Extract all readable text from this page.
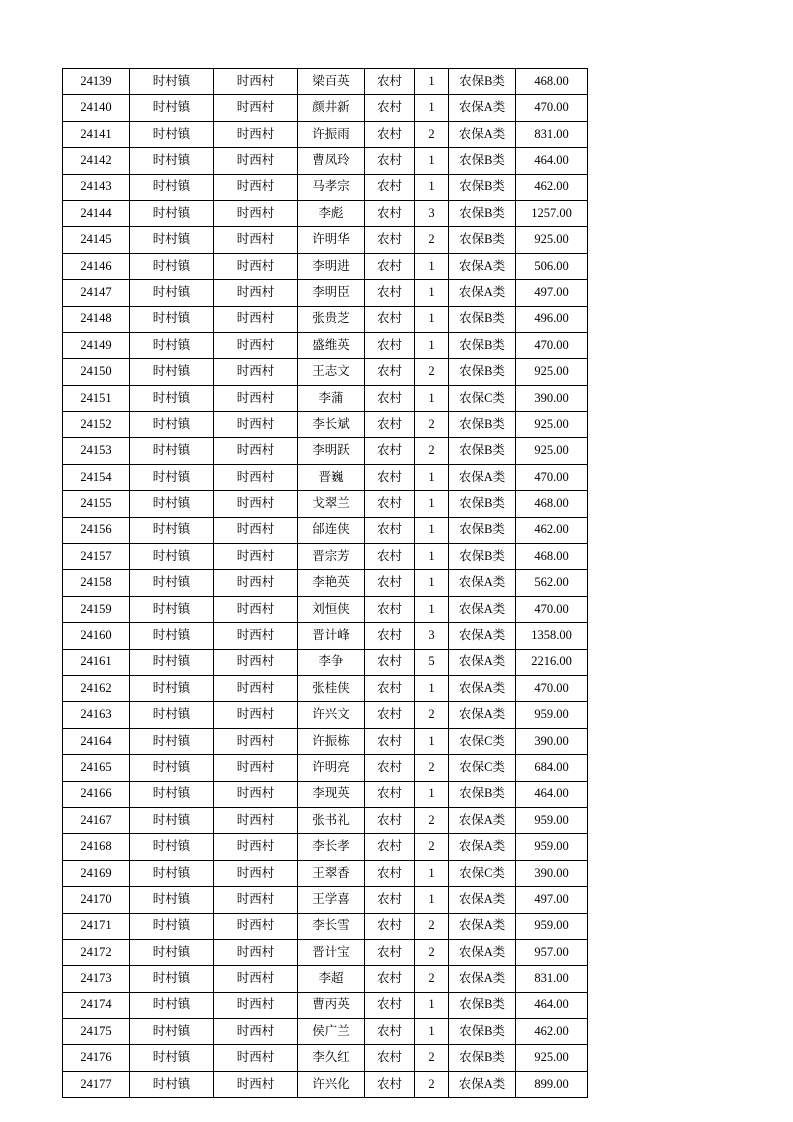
24139	时村镇	时西村	梁百英	农村	1	农保B类	468.00
24140	时村镇	时西村	颜井新	农村	1	农保A类	470.00
24141	时村镇	时西村	许振雨	农村	2	农保A类	831.00
24142	时村镇	时西村	曹凤玲	农村	1	农保B类	464.00
24143	时村镇	时西村	马孝宗	农村	1	农保B类	462.00
24144	时村镇	时西村	李彪	农村	3	农保B类	1257.00
24145	时村镇	时西村	许明华	农村	2	农保B类	925.00
24146	时村镇	时西村	李明进	农村	1	农保A类	506.00
24147	时村镇	时西村	李明臣	农村	1	农保A类	497.00
24148	时村镇	时西村	张贵芝	农村	1	农保B类	496.00
24149	时村镇	时西村	盛维英	农村	1	农保B类	470.00
24150	时村镇	时西村	王志文	农村	2	农保B类	925.00
24151	时村镇	时西村	李蒲	农村	1	农保C类	390.00
24152	时村镇	时西村	李长斌	农村	2	农保B类	925.00
24153	时村镇	时西村	李明跃	农村	2	农保B类	925.00
24154	时村镇	时西村	晋巍	农村	1	农保A类	470.00
24155	时村镇	时西村	戈翠兰	农村	1	农保B类	468.00
24156	时村镇	时西村	邰连侠	农村	1	农保B类	462.00
24157	时村镇	时西村	晋宗芳	农村	1	农保B类	468.00
24158	时村镇	时西村	李艳英	农村	1	农保A类	562.00
24159	时村镇	时西村	刘恒侠	农村	1	农保A类	470.00
24160	时村镇	时西村	晋计峰	农村	3	农保A类	1358.00
24161	时村镇	时西村	李争	农村	5	农保A类	2216.00
24162	时村镇	时西村	张桂侠	农村	1	农保A类	470.00
24163	时村镇	时西村	许兴文	农村	2	农保A类	959.00
24164	时村镇	时西村	许振栋	农村	1	农保C类	390.00
24165	时村镇	时西村	许明亮	农村	2	农保C类	684.00
24166	时村镇	时西村	李现英	农村	1	农保B类	464.00
24167	时村镇	时西村	张书礼	农村	2	农保A类	959.00
24168	时村镇	时西村	李长孝	农村	2	农保A类	959.00
24169	时村镇	时西村	王翠香	农村	1	农保C类	390.00
24170	时村镇	时西村	王学喜	农村	1	农保A类	497.00
24171	时村镇	时西村	李长雪	农村	2	农保A类	959.00
24172	时村镇	时西村	晋计宝	农村	2	农保A类	957.00
24173	时村镇	时西村	李超	农村	2	农保A类	831.00
24174	时村镇	时西村	曹丙英	农村	1	农保B类	464.00
24175	时村镇	时西村	侯广兰	农村	1	农保B类	462.00
24176	时村镇	时西村	李久红	农村	2	农保B类	925.00
24177	时村镇	时西村	许兴化	农村	2	农保A类	899.00
